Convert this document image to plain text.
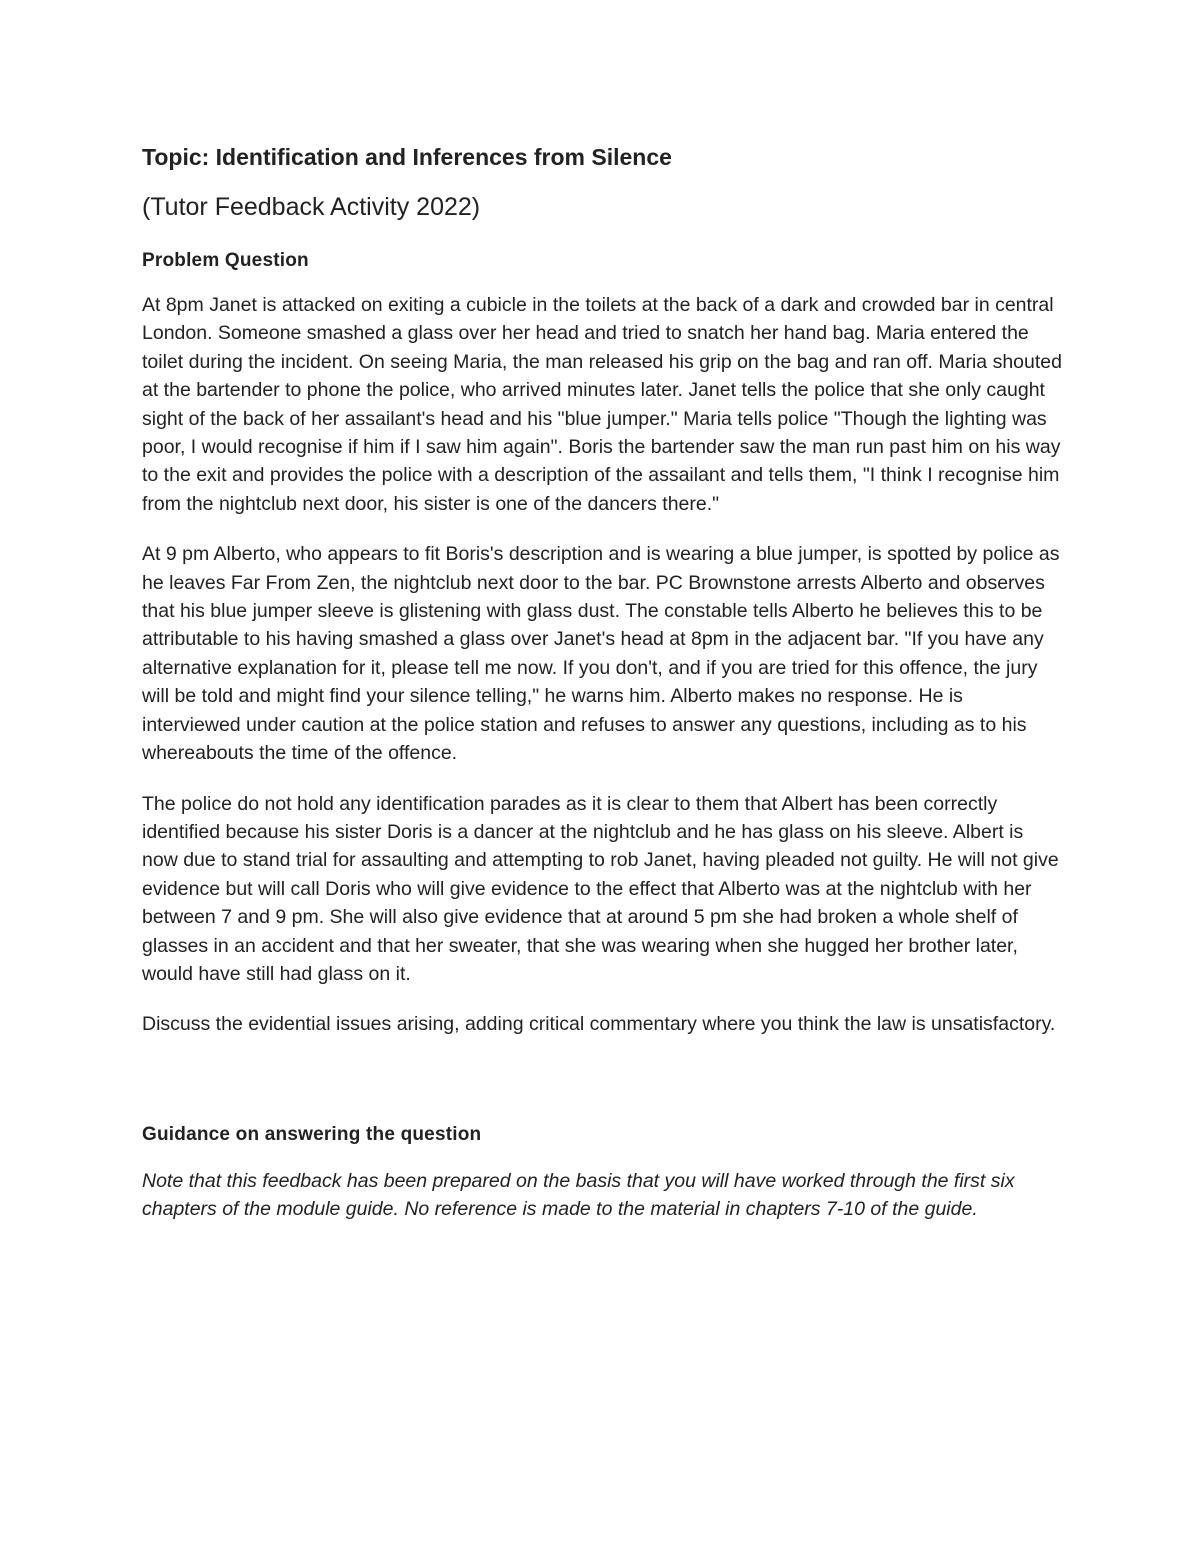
Topic: Identification and Inferences from Silence
(Tutor Feedback Activity 2022)
Problem Question

At 8pm Janet is attacked on exiting a cubicle in the toilets at the back of a dark and crowded bar in central London. Someone smashed a glass over her head and tried to snatch her hand bag. Maria entered the toilet during the incident. On seeing Maria, the man released his grip on the bag and ran off. Maria shouted at the bartender to phone the police, who arrived minutes later. Janet tells the police that she only caught sight of the back of her assailant's head and his "blue jumper." Maria tells police "Though the lighting was poor, I would recognise if him if I saw him again". Boris the bartender saw the man run past him on his way to the exit and provides the police with a description of the assailant and tells them, "I think I recognise him from the nightclub next door, his sister is one of the dancers there."

At 9 pm Alberto, who appears to fit Boris's description and is wearing a blue jumper, is spotted by police as he leaves Far From Zen, the nightclub next door to the bar. PC Brownstone arrests Alberto and observes that his blue jumper sleeve is glistening with glass dust. The constable tells Alberto he believes this to be attributable to his having smashed a glass over Janet's head at 8pm in the adjacent bar. "If you have any alternative explanation for it, please tell me now. If you don't, and if you are tried for this offence, the jury will be told and might find your silence telling," he warns him. Alberto makes no response. He is interviewed under caution at the police station and refuses to answer any questions, including as to his whereabouts the time of the offence.

The police do not hold any identification parades as it is clear to them that Albert has been correctly identified because his sister Doris is a dancer at the nightclub and he has glass on his sleeve. Albert is now due to stand trial for assaulting and attempting to rob Janet, having pleaded not guilty. He will not give evidence but will call Doris who will give evidence to the effect that Alberto was at the nightclub with her between 7 and 9 pm. She will also give evidence that at around 5 pm she had broken a whole shelf of glasses in an accident and that her sweater, that she was wearing when she hugged her brother later, would have still had glass on it.

Discuss the evidential issues arising, adding critical commentary where you think the law is unsatisfactory.

Guidance on answering the question

Note that this feedback has been prepared on the basis that you will have worked through the first six chapters of the module guide. No reference is made to the material in chapters 7-10 of the guide.
